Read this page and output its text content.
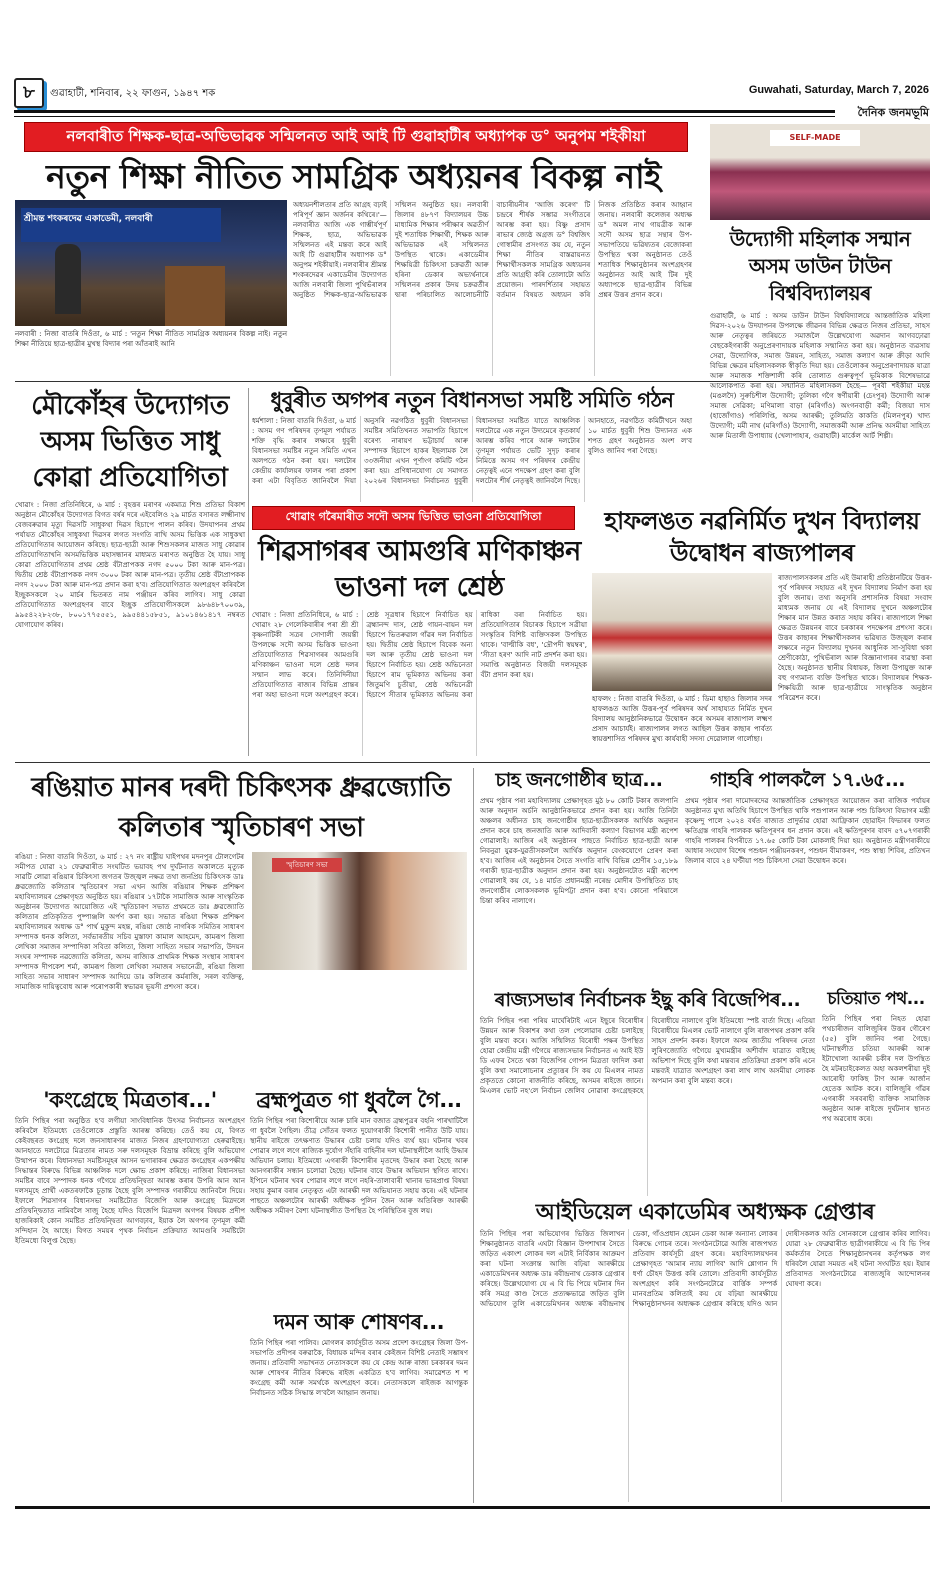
৮	গুৱাহাটী, শনিবাৰ, ২২ ফাগুন, ১৯৪৭ শক	Guwahati, Saturday, March 7, 2026
দৈনিক জনমভূমি
নলবাৰীত শিক্ষক-ছাত্ৰ-অভিভাৱক সন্মিলনত আই আই টি গুৱাহাটীৰ অধ্যাপক ড° অনুপম শইকীয়া
নতুন শিক্ষা নীতিত সামগ্ৰিক অধ্যয়নৰ বিকল্প নাই
শ্ৰীমন্ত শংকৰদেৱ একাডেমী, নলবাৰী
নলবাৰী : নিজা বাতৰি দিওঁতা, ৬ মাৰ্চ : 'নতুন শিক্ষা নীতিত সামগ্ৰিক অধ্যয়নৰ বিকল্প নাই। নতুন শিক্ষা নীতিয়ে ছাত্ৰ-ছাত্ৰীৰ মুখস্থ বিদ্যাৰ পৰা আঁতৰাই আনি
অধ্যয়নশীলতাৰ প্ৰতি আগ্ৰহ বঢ়াই পৰিপূৰ্ণ জ্ঞান অৰ্জনৰ কথিৰে।'— নলবাৰীত আজি এক গাম্ভীৰ্যপূৰ্ণ শিক্ষক, ছাত্ৰ, অভিভাৱক সন্মিলনত এই মন্তব্য কৰে আই আই টি গুৱাহাটীৰ অধ্যাপক ড° অনুপম শইকীয়াই। নলবাৰীৰ শ্ৰীমন্ত শংকৰদেৱৰ একাডেমীৰ উদ্যোগত আজি নলবাৰী জিলা পুথিভঁৰালৰ অনুষ্ঠিত শিক্ষক-ছাত্ৰ-অভিভাৱক সন্মিলন অনুষ্ঠিত হয়। নলবাৰী জিলাৰ ৪৮৭ণ বিদ্যালয়ৰ উচ্চ মাধ্যমিক শিক্ষাৰ পৰীক্ষাৰ অৱতীৰ্ণ দুই শতাধিক শিক্ষাৰ্থী, শিক্ষক আৰু অভিভাৱক এই সন্মিলনত উপস্থিত থাকে। একাডেমীৰ শিক্ষয়িত্ৰী চিকিৎসা চক্ৰৱৰ্তী আৰু হৰিনা ডেকাৰ অভ্যৰ্থনাৰে সন্মিলনৰ প্ৰকাৰ উদয় চক্ৰৱৰ্তীৰ দ্বাৰা পৰিচালিত আলোচনীটি বাচাৰীয়নীৰ 'আজি কৰেগ' টি চন্দ্ৰৰে শীৰ্ষক সম্ভাৱ সংগীতৰে আৰম্ভ কৰা হয়। বিষ্ণু প্ৰসাদ ৰাভাৰ জ্যেষ্ঠ অগ্ৰজ ড° বিশ্বজিৎ গোস্বামীৰ প্ৰসংগত কয় যে, নতুন শিক্ষা নীতিৰ বাস্তৱায়নত শিক্ষাৰ্থীসকলক সামগ্ৰিক অধ্যয়নৰ প্ৰতি আগ্ৰহী কৰি তোলাটো অতি প্ৰয়োজন। পাৰদৰ্শিতাৰ সহায়ত বৰ্তমান বিষয়ত অধ্যয়ন কৰি নিজক প্ৰতিষ্ঠিত কৰাৰ আহ্বান জনায়। নলবাৰী কলেজৰ অধ্যক্ষ ড° অমল নাথ গায়ত্ৰীক আৰু সদৌ অসম ছাত্ৰ সন্থাৰ উপ-সভাপতিয়ে ভৱিষ্যতৰ বেজোকৰা উপস্থিত থকা অনুষ্ঠানত তেওঁ শতাধিক শিক্ষানুষ্ঠানৰ অংশগ্ৰহণৰ অনুষ্ঠানত আই আই টিৰ দুই অধ্যাপকে ছাত্ৰ-ছাত্ৰীৰ বিভিন্ন প্ৰশ্নৰ উত্তৰ প্ৰদান কৰে।
SELF-MADE
উদ্যোগী মহিলাক সন্মান অসম ডাউন টাউন বিশ্ববিদ্যালয়ৰ
গুৱাহাটী, ৬ মাৰ্চ : অসম ডাউন টাউন বিশ্ববিদ্যালয়ে আন্তৰ্জাতিক মহিলা দিৱস-২০২৬ উদযাপনৰ উপলক্ষে জীৱনৰ বিভিন্ন ক্ষেত্ৰত নিজৰ প্ৰতিভা, সাহস আৰু নেতৃত্বৰ জৰিয়তে সমাজলৈ উল্লেখযোগ্য অৱদান আগবঢ়োৱা বেছকেইগৰাকী অনুপ্ৰেৰণাদায়ক মহিলাক সন্মানিত কৰা হয়। অনুষ্ঠানত ব্যৱসায় সেৱা, উদ্যোগিক, সমাজ উন্নয়ন, সাহিত্য, সমাজ কল্যাণ আৰু ক্ৰীড়া আদি বিভিন্ন ক্ষেত্ৰৰ মহিলাসকলক স্বীকৃতি দিয়া হয়। তেওঁলোকৰ অনুপ্ৰেৰণাদায়ক যাত্ৰা আৰু সমাজক শক্তিশালী কৰি তোলাত গুৰুত্বপূৰ্ণ ভূমিকাক বিশেষভাৱে আলোকপাত কৰা হয়। সন্মানিত মহিলাসকল হৈছে— পূৰবী শইকীয়া মহন্ত (মঙলদৈ) সুৰুচিশীল উদ্যোগী; তুলিকা গগৈ স্বৰ্ণীয়াৰী (চেংপুৰ) উদ্যোগী আৰু সমাজ সেৱিকা; মণিমালা বাড়া (মৰিগাঁও) অংগনবাড়ী কৰ্মী; বিজয়া দাস (হাজোঁগাও) পৰিলিপ্তি, অসম আৰক্ষী; তুলিমতি কাকতি (মিলনপুৰ) খাদ্য উদ্যোগী; মৰ্মী নাথ (মৰিগাঁও) উদ্যোগী, সমাজকৰ্মী আৰু প্ৰনিদ্ধ অসমীয়া সাহিত্য আৰু মিতালী উপাধ্যায় (খেলাপাহাৰ, গুৱাহাটী) মাৰ্কেল আৰ্ট শিল্পী।
মৌকোঁহৰ উদ্যোগত অসম ভিত্তিত সাধু কোৱা প্ৰতিযোগিতা
খোৱাং : নিজা প্ৰতিনিধিৰে, ৬ মাৰ্চ : বৃহত্তৰ মৰাণৰ একমাত্ৰ শিশু প্ৰতিভা বিকাশ অনুষ্ঠান মৌকোঁহৰ উদ্যোগত বিগত বৰ্ষৰ দৰে এইবেলিও ২৯ মাৰ্চত বসাৰত লক্ষ্মীনাথ বেজবৰুৱাৰ মৃত্যু দিৱসটি সাধুকথা দিৱস হিচাপে পালন কৰিব। উদযাপনৰ প্ৰথম পৰ্যায়ত মৌকোঁহৰ সাধুকথা দিৱসৰ লগত সংগতি ৰাখি অসম ভিত্তিক এক সাধুকথা প্ৰতিযোগিতাৰ আয়োজন কৰিছে। ছাত্ৰ-ছাত্ৰী আৰু শিশুসকলৰ মাজত সাধু কোৱাৰ প্ৰতিযোগিতাখনি অসমভিত্তিক মহাসন্ধানৰ মাধ্যমত মৰাণত অনুষ্ঠিত হৈ যায়। সাধু কোৱা প্ৰতিযোগিতাৰ প্ৰথম শ্ৰেষ্ঠ বঁটাপ্ৰাপকক নগদ ৫০০০ টকা আৰু মান-পত্ৰ। দ্বিতীয় শ্ৰেষ্ঠ বঁটাপ্ৰাপকক নগদ ৩০০০ টকা আৰু মান-পত্ৰ। তৃতীয় শ্ৰেষ্ঠ বঁটাপ্ৰাপকক নগদ ২০০০ টকা আৰু মান-পত্ৰ প্ৰদান কৰা হ'ব। প্ৰতিযোগিতাত অংশগ্ৰহণ কৰিবলৈ ইচ্ছুকসকলে ২০ মাৰ্চৰ ভিতৰত নাম পঞ্জীয়ন কৰিব লাগিব। সাধু কোৱা প্ৰতিযোগিতাত অংশগ্ৰহণৰ বাবে ইচ্ছুক প্ৰতিযোগীসকলে ৯৮৬৪৮৭০০৩৯, ৯৯৫৪২২৮২৩৮, ৮০০১৭৭৫৫৫১, ৯৯৫৪৪১৫৮৫১, ৯১০১৪৬১৪১৭ নম্বৰত যোগাযোগ কৰিব।
ধুবুৰীত অগপৰ নতুন বিধানসভা সমষ্টি সমিতি গঠন
ধৰ্মশালা : নিজা বাতৰি দিওঁতা, ৬ মাৰ্চ : অসম গণ পৰিষদৰ তৃণমূল পৰ্যায়ত শক্তি বৃদ্ধি কৰাৰ লক্ষ্যৰে ধুবুৰী বিধানসভা সমষ্টিৰ নতুন সমিতি এখন অলপতে গঠন কৰা হয়। দলটোৰ কেন্দ্ৰীয় কাৰ্যালয়ৰ ফালৰ পৰা প্ৰকাশ কৰা এটা বিবৃতিত জানিবলৈ দিয়া অনুসৰি নৱগঠিত ধুবুৰী বিধানসভা সমষ্টিৰ সমিতিখনত সভাপতি হিচাপে বৰেণ্য নাৰায়ণ ভট্টাচাৰ্য আৰু সম্পাদক হিচাপে হাকৰ ইছলামক লৈ ৩৩জনীয়া এখন পূৰ্ণাংগ কমিটি গঠন কৰা হয়। প্ৰণিধানযোগ্য যে সমাগত ২০২৬ৰ বিধানসভা নিৰ্বাচনত ধুবুৰী বিধানসভা সমষ্টিত যাতে আঞ্চলিক দলটোৱে এক নতুন উদ্যমেৰে কৃতকাৰ্য আৰম্ভ কৰিব পাৰে আৰু দলটোৰ তৃণমূল পৰ্যায়ত ভেটি সুদৃঢ় কৰাৰ নিমিত্তে অসম গণ পৰিষদৰ কেন্দ্ৰীয় নেতৃত্বই এনে পদক্ষেপ গ্ৰহণ কৰা বুলি দলটোৰ শীৰ্ষ নেতৃত্বই জানিবলৈ দিছে। আনহাতে, নৱগঠিত কমিটীখনে অহা ১০ মাৰ্চত ধুবুৰী শিশু উদ্যানত এক শপত গ্ৰহণ অনুষ্ঠানত অংশ ল'ব বুলিও জানিব পৰা গৈছে।
খোৱাং গৰৈমাৰীত সদৌ অসম ভিত্তিত ভাওনা প্ৰতিযোগিতা
শিৱসাগৰৰ আমগুৰি মণিকাঞ্চন ভাওনা দল শ্ৰেষ্ঠ
খোৱাং : নিজা প্ৰতিনিধিৰে, ৬ মাৰ্চ : খোৱাং ২৮ গেলেকিবাৰীৰ পৰা শ্ৰী শ্ৰী কৃষ্ণনাটিকী সত্ৰৰ সোণালী জয়ন্তী উপলক্ষে সদৌ অসম ভিত্তিক ভাওনা প্ৰতিযোগিতাত শিৱসাগৰৰ আমগুৰি মণিকাঞ্চন ভাওনা দলে শ্ৰেষ্ঠ দলৰ সন্মান লাভ কৰে। তিনিদিনীয়া প্ৰতিযোগিতাত ৰাজ্যৰ বিভিন্ন প্ৰান্তৰ পৰা অহা ভাওনা দলে অংশগ্ৰহণ কৰে। শ্ৰেষ্ঠ সূত্ৰধাৰ হিচাপে নিৰ্বাচিত হয় ব্ৰহ্মানন্দ দাস, শ্ৰেষ্ঠ গায়ন-বায়ন দল হিচাপে ভিতৰুৱাল গাঁৱৰ দল নিৰ্বাচিত হয়। দ্বিতীয় শ্ৰেষ্ঠ হিচাপে বিবেক অন্য দল আৰু তৃতীয় শ্ৰেষ্ঠ ভাওনা দল হিচাপে নিৰ্বাচিত হয়। শ্ৰেষ্ঠ অভিনেতা হিচাপে ৰাম ভূমিকাত অভিনয় কৰা জিতুমণি চুতীয়া, শ্ৰেষ্ঠ অভিনেত্ৰী হিচাপে সীতাৰ ভূমিকাত অভিনয় কৰা ৰাধিকা বৰা নিৰ্বাচিত হয়। প্ৰতিযোগিতাৰ বিচাৰক হিচাপে সত্ৰীয়া সংস্কৃতিৰ বিশিষ্ট ব্যক্তিসকল উপস্থিত থাকে। 'বাল্মীকি বধ', 'দ্ৰৌপদী স্বয়ম্বৰ', 'সীতা হৰণ' আদি নাট প্ৰদৰ্শন কৰা হয়। সমাপ্তি অনুষ্ঠানত বিজয়ী দলসমূহক বঁটা প্ৰদান কৰা হয়।
হাফলঙত নৱনিৰ্মিত দুখন বিদ্যালয় উদ্বোধন ৰাজ্যপালৰ
হাফলং : নিজা বাতৰি দিওঁতা, ৬ মাৰ্চ : ডিমা হাছাও জিলাৰ সদৰ হাফলঙত আজি উত্তৰ-পূৰ্ব পৰিষদৰ অৰ্থ সাহায্যত নিৰ্মিত দুখন বিদ্যালয় আনুষ্ঠানিকভাৱে উদ্বোধন কৰে অসমৰ ৰাজ্যপাল লক্ষ্মণ প্ৰসাদ আচাৰ্যই। ৰাজ্যপালৰ লগত আছিল উত্তৰ কাছাৰ পাৰ্বত্য স্বায়ত্তশাসিত পৰিষদৰ মুখ্য কাৰ্যবাহী সদস্য দেৱোলাল গাৰ্লোছা।
ৰাজ্যপালসকলৰ প্ৰতি এই উমাৰাহী প্ৰতিষ্ঠানটিয়ে উত্তৰ-পূৰ্ব পৰিষদৰ সহায়ত এই দুখন বিদ্যালয় নিৰ্মাণ কৰা হয় বুলি জনায়। তথ্য অনুসৰি প্ৰশাসনিক বিষয়া সংবাদ মাধ্যমক জনায় যে এই বিদ্যালয় দুখনে অঞ্চলটোৰ শিক্ষাৰ মান উন্নত কৰাত সহায় কৰিব। ৰাজ্যপালে শিক্ষা ক্ষেত্ৰত উন্নয়নৰ বাবে চৰকাৰৰ পদক্ষেপৰ প্ৰশংসা কৰে। উত্তৰ কাছাৰৰ শিক্ষাৰ্থীসকলৰ ভৱিষ্যত উজ্জ্বল কৰাৰ লক্ষ্যৰে নতুন বিদ্যালয় দুখনৰ আধুনিক সা-সুবিধা থকা শ্ৰেণীকোঠা, পুথিভঁৰাল আৰু বিজ্ঞানাগাৰৰ ব্যৱস্থা কৰা হৈছে। অনুষ্ঠানত স্থানীয় বিধায়ক, জিলা উপায়ুক্ত আৰু বহু গণ্যমান্য ব্যক্তি উপস্থিত থাকে। বিদ্যালয়ৰ শিক্ষক-শিক্ষয়িত্ৰী আৰু ছাত্ৰ-ছাত্ৰীয়ে সাংস্কৃতিক অনুষ্ঠান পৰিৱেশন কৰে।
ৰঙিয়াত মানৰ দৰদী চিকিৎসক ধ্ৰুৱজ্যোতি কলিতাৰ স্মৃতিচাৰণ সভা
স্মৃতিচাৰণ সভা
ৰঙিয়া : নিজা বাতৰি দিওঁতা, ৬ মাৰ্চ : ২৭ নং ৰাষ্ট্ৰীয় ঘাইপথৰ মদনপুৰ টোলগেটৰ সমীপত যোৱা ২১ ফেব্ৰুৱাৰীত সংঘটিত ভয়াবহ পথ দুৰ্ঘটনাত অকালতে মৃত্যুক সাৱটি লোৱা ৰঙিয়াৰ চিকিৎসা জগতৰ উজ্জ্বল নক্ষত্ৰ তথা জনপ্ৰিয় চিকিৎসক ডাঃ ধ্ৰুৱজ্যোতি কলিতাৰ স্মৃতিচাৰণ সভা এখন আজি ৰঙিয়াৰ শিক্ষক প্ৰশিক্ষণ মহাবিদ্যালয়ৰ প্ৰেক্ষাগৃহত অনুষ্ঠিত হয়। ৰঙিয়াৰ ১৭টাকৈ সামাজিক আৰু সাংস্কৃতিক অনুষ্ঠানৰ উদ্যোগত আয়োজিত এই স্মৃতিচাৰণ সভাত প্ৰথমতে ডাঃ ধ্ৰুৱজ্যোতি কলিতাৰ প্ৰতিকৃতিত পুষ্পাঞ্জলি অৰ্পণ কৰা হয়। সভাত ৰঙিয়া শিক্ষক প্ৰশিক্ষণ মহাবিদ্যালয়ৰ অধ্যক্ষ ড° পাৰ্থ মুকুন্দ মহন্ত, ৰঙিয়া জ্যেষ্ঠ নাগৰিক সমিতিৰ সাধাৰণ সম্পাদক ধনক কলিতা, সৰ্বভাৰতীয় সচিব মুস্তাফা কামাল আহমেদ, কামৰূপ জিলা লেখিকা সমাজৰ সম্পাদিকা সবিতা কলিতা, জিলা সাহিত্য সভাৰ সভাপতি, উদয়ন সংঘৰ সম্পাদক নৱজ্যোতি কলিতা, অসম ৰাজ্যিক প্ৰাথমিক শিক্ষক সংস্থাৰ সাধাৰণ সম্পাদক দীপকেশ শৰ্মা, কামৰূপ জিলা লেখিকা সমাজৰ সভানেত্ৰী, ৰঙিয়া জিলা সাহিত্য সভাৰ সাধাৰণ সম্পাদক আদিয়ে ডাঃ কলিতাৰ কৰ্মৰাজি, সৰল ব্যক্তিত্ব, সামাজিক দায়িত্ববোধ আৰু পৰোপকাৰী স্বভাৱৰ ভূয়সী প্ৰশংসা কৰে।
চাহ জনগোষ্ঠীৰ ছাত্ৰ...
প্ৰথম পৃষ্ঠাৰ পৰা মহাবিদ্যালয় প্ৰেক্ষাগৃহত মুঠ ৮০ কোটি টকাৰ জলপানি আৰু অনুদান অৰ্চনি আনুষ্ঠানিকভাৱে প্ৰদান কৰা হয়। আজি তিনিটা অঞ্চলৰ অধীনত চাহ জনগোষ্ঠীৰ ছাত্ৰ-ছাত্ৰীসকলক আৰ্থিক অনুদান প্ৰদান কৰে চাহ জনজাতি আৰু আদিবাসী কল্যাণ বিভাগৰ মন্ত্ৰী ৰূপেশ গোৱালাই। আজিৰ এই অনুষ্ঠানৰ পাছতে নিৰ্বাচিত ছাত্ৰ-ছাত্ৰী আৰু নিবনুৱা যুৱক-যুৱতীসকললৈ আৰ্থিক অনুদান বেংকযোগে প্ৰেৰণ কৰা হ'ব। আজিৰ এই অনুষ্ঠানৰ সৈতে সংগতি ৰাখি বিভিন্ন শ্ৰেণীৰ ১৫,১৮৯ গৰাকী ছাত্ৰ-ছাত্ৰীক অনুদান প্ৰদান কৰা হয়। অনুষ্ঠানটোত মন্ত্ৰী ৰূপেশ গোৱালাই কয় যে, ১৪ মাৰ্চত প্ৰধানমন্ত্ৰী নৰেন্দ্ৰ মোদীৰ উপস্থিতিত চাহ জনগোষ্ঠীৰ লোকসকলক ভূমিপট্টা প্ৰদান কৰা হ'ব। কোনো পৰিয়ালে চিন্তা কৰিব নালাগে।
গাহৰি পালকলৈ ১৭.৬৫...
প্ৰথম পৃষ্ঠাৰ পৰা দামোদৰদেৱ আন্তৰ্জাতিক প্ৰেক্ষাগৃহত আয়োজন কৰা ৰাজিক পৰ্যায়ৰ অনুষ্ঠানত মুখ্য অতিথি হিচাপে উপস্থিত থাকি পশুপালন আৰু পশু চিকিৎসা বিভাগৰ মন্ত্ৰী কৃষ্ণেন্দু পালে ২০২৪ বৰ্ষত ৰাজ্যত প্ৰাদুৰ্ভাৱ হোৱা আফ্ৰিকান ছোৱাইন ফিভাৰৰ ফলত ক্ষতিগ্ৰস্ত গাহৰি পালকক ক্ষতিপূৰণৰ ধন প্ৰদান কৰে। এই ক্ষতিপূৰণৰ বাবদ ৫৭০৭গৰাকী গাহৰি পালকৰ বিপৰীতে ১৭.৬৫ কোটি টকা মোকলাই দিয়া হয়। অনুষ্ঠানত মন্ত্ৰীগৰাকীয়ে আধাৰ সংযোগ বিশেষ পশুধন পঞ্জীয়নকৰণ, পশুধন বীমাকৰণ, পশু স্বাস্থ্য শিবিৰ, প্ৰতিখন জিলাৰ বাবে ২৪ ঘণ্টীয়া পশু চিকিৎসা সেৱা উদ্বোধন কৰে।
ৰাজ্যসভাৰ নিৰ্বাচনক ইছু কৰি বিজেপিৰ...
তিনি পিছিৰ পৰা পৰিয় মাৰ্ঘেৰিটাই এনে ইছুৰে বিৰোধীৰ উন্নয়ন আৰু বিকাশৰ কথা তল পেলোৱাৰ চেষ্টা চলাইছে বুলি মন্তব্য কৰে। আজি সন্মিলিত বিৰোধী পক্ষৰ উপস্থিত হোৱা কেন্দ্ৰীয় মন্ত্ৰী গগৈয়ে ৰাজ্যসভাৰ নিৰ্বাচনত এ আই ইউ ডি এফৰ সৈতে থকা বিজেপিৰ গোপন মিত্ৰতা ফাদিল কৰা বুলি কথা সমালোচনাৰ প্ৰত্যুত্তৰ সি কয় যে মিএলৰ নামত প্ৰকৃততে কোনো ৰাজনীতি কৰিছে, অসমৰ ৰাইজে জানে। মিএলৰ ভোট নহ'লে নিৰ্বাচন জেলিব নোৱাৰা কংগ্ৰেছকহে বিৰোধীয়ে নালাগে বুলি ইতিমধ্যে স্পষ্ট বাৰ্তা দিছে। এতিয়া বিৰোধীয়ে মিএলৰ ভোট নালাগে বুলি ৰাজপথৰ প্ৰকাশ কৰি সাহস প্ৰদৰ্শন কৰক। ইফালে অসম জাতীয় পৰিষদৰ নেতা লুৰিণজ্যোতি গগৈয়ে মুখ্যমন্ত্ৰীৰ অশীৰ্বাদ যাত্ৰাত বাইচ্ছে অভিশাপ দিছে বুলি কথা মন্তব্যৰ প্ৰতিক্ৰিয়া প্ৰকাশ কৰি এনে মন্তব্যই যাত্ৰাত অংশগ্ৰহণ কৰা লাখ লাখ অসমীয়া লোকক অপমান কৰা বুলি মন্তব্য কৰে।
চতিয়াত পথ...
তিনি পিছিৰ পৰা নিহত হোৱা পথচাৰীজন বালিজুৰিৰ উত্তৰ গৌৰেণ (৫৫) বুলি জানিব পৰা গৈছে। ঘটনাস্থলীত চতিয়া আৰক্ষী আৰু ইটাখোলা আৰক্ষী চকীৰ দল উপস্থিত হৈ মটৰচাইকেলত অহা অকলশৰীয়া দুই আৰোহী ফাকিছ টাণ আৰু আৰ্জান হেতেক আটক কৰে। বালিজুৰি গাঁৱৰ এগৰাকী সৰবৰাহী ব্যক্তিক সামাজিক অনুষ্ঠান আৰু ৰাইজে দুৰ্ঘটনাৰ স্থানত পথ অৱৰোধ কৰে।
'কংগ্ৰেছে মিত্ৰতাৰ...'
তিনি পিছিৰ পৰা অনুষ্ঠিত হ'ব লগীয়া সাংবিধানিক উৎসৱ নিৰ্বাচনত অংশগ্ৰহণ কৰিবলৈ ইতিমধ্যে তেওঁলোকে প্ৰস্তুতি আৰম্ভ কৰিছে। তেওঁ কয় যে, বিগত কেইবছৰত কংগ্ৰেছ দলে জনসাধাৰণৰ মাজত নিজৰ গ্ৰহণযোগ্যতা হেৰুৱাইছে। আনহাতে দলটোৱে মিত্ৰতাৰ নামত সৰু দলসমূহক বিভ্ৰান্ত কৰিছে বুলি অভিযোগ উত্থাপন কৰে। বিধানসভা সমষ্টিসমূহৰ আসন ভগাৰাকৰ ক্ষেত্ৰত কংগ্ৰেছৰ একপক্ষীয় সিদ্ধান্তৰ বিৰুদ্ধে বিভিন্ন আঞ্চলিক দলে ক্ষোভ প্ৰকাশ কৰিছে। নাজিৰা বিধানসভা সমষ্টিৰ বাবে সম্পাদক ধনক গগৈয়ে প্ৰতিদ্বন্দ্বিতা আৰম্ভ কৰাৰ উপৰি আন আন দলসমূহে প্ৰাৰ্থী একতৰফাকৈ চূড়ান্ত হৈছে বুলি সম্পাদক গৰাকীয়ে জানিবলৈ দিয়ে। ইফালে শিৱসাগৰ বিধানসভা সমষ্টিটোত বিজেপি আৰু কংগ্ৰেছ মিত্ৰদলে প্ৰতিদ্বন্দ্বিতাত নামিবলৈ সাজু হৈছে যদিও বিজেপি মিত্ৰদল অগপৰ বিষয়ক প্ৰদীপ হাজৰিকাই কোন সমষ্টিত প্ৰতিদ্বন্দ্বিতা আগবঢ়াব, ইয়াক লৈ অগপৰ তৃণমূল কৰ্মী সন্দিহান হৈ আছে। বিগত সময়ৰ পৃথক নিৰ্বাচন প্ৰক্ৰিয়াত আমগুৰি সমষ্টিটো ইতিমধ্যে বিলুপ্ত হৈছে।
ব্ৰহ্মপুত্ৰত গা ধুবলৈ গৈ...
তিনি পিছিৰ পৰা কিশোৰীয়ে আৰু চাৰি মান বজাত ব্ৰহ্মপুত্ৰৰ বহনি পাৰখাটিলৈ গা ধুবলৈ গৈছিল। তীব্ৰ সোঁতৰ ফলত দুয়োগৰাকী কিশোৰী পানীত উটি যায়। স্থানীয় ৰাইজে তৎক্ষণাত উদ্ধাৰৰ চেষ্টা চলায় যদিও ব্যৰ্থ হয়। ঘটনাৰ খবৰ পোৱাৰ লগে লগে ৰাজ্যিক দুৰ্যোগ সঁহাৰি বাহিনীৰ দল ঘটনাস্থলীলৈ আহি উদ্ধাৰ অভিযান চলায়। ইতিমধ্যে এগৰাকী কিশোৰীৰ মৃতদেহ উদ্ধাৰ কৰা হৈছে আৰু আনগৰাকীৰ সন্ধান চলোৱা হৈছে। ঘটনাৰ বাবে উদ্ধাৰ অভিযান স্থগিত ৰাখে। ইপিনে ঘটনাৰ খবৰ পোৱাৰ লগে লগে নহৰি-তালাবাৰী থানাৰ ভাৰপ্ৰাপ্ত বিষয়া সহায় কুমাৰ বৰাৰ নেতৃত্বত এটা আৰক্ষী দল অভিযানত সহায় কৰে। এই ঘটনাৰ পাছতে অঞ্চলটোৰ আৰক্ষী অধীক্ষক পুলিন জৈন আৰু অতিৰিক্ত আৰক্ষী অধীক্ষক সমীৰণ বৈশ্য ঘটনাস্থলীত উপস্থিত হৈ পৰিস্থিতিৰ বুজ লয়।
দমন আৰু শোষণৰ...
তিনি পিছিৰ পৰা পালিব। মোগলৰ কাৰ্যসূচীত অসম প্ৰদেশ কংগ্ৰেছৰ জিলা উপ-সভাপতি প্ৰদীপৰ বৰুৱাকৈ, বিধায়ক মন্দিৰ বৰাৰ কেইজন বিশিষ্ট নেতাই সম্ভাষণ জনায়। প্ৰতিবাদী সভাখনত নেতাসকলে কয় যে কেন্দ্ৰ আৰু ৰাজ্য চৰকাৰৰ দমন আৰু শোষণৰ নীতিৰ বিৰুদ্ধে ৰাইজ একত্ৰিত হ'ব লাগিব। সমাৱেশত শ শ কংগ্ৰেছ কৰ্মী আৰু সমৰ্থকে অংশগ্ৰহণ কৰে। নেতাসকলে ৰাইজক আগন্তুক নিৰ্বাচনত সঠিক সিদ্ধান্ত ল'বলৈ আহ্বান জনায়।
আইডিয়েল একাডেমিৰ অধ্যক্ষক গ্ৰেপ্তাৰ
তিনি পিছিৰ পৰা অভিযোগৰ ভিত্তিত জিলাখন শিক্ষানুষ্ঠানত বাতৰি এঘটা বিজ্ঞান উপশাখাৰ সৈতে জড়িত একাংশ লোকৰ দল এটাই নিৰ্বিকাৰ আক্ৰমণ কৰা ঘটনা সংক্ৰান্ত আজি বঢ়িয়া আৰক্ষীয়ে একাডেমিখনৰ অধ্যক্ষ ডাঃ ৰবীন্দ্ৰনাথ ডেকাক গ্ৰেপ্তাৰ কৰিছে। উল্লেখযোগ্য যে এ বি ভি পিয়ে ঘটনাৰ দিন কৰি সমগ্ৰ কাণ্ড সৈতে প্ৰত্যক্ষভাৱে জড়িত বুলি অভিযোগ তুলি একাডেমিখনৰ অধ্যক্ষ ৰবীন্দ্ৰনাথ ডেকা, গাঁওপ্ৰধান হেমেন ডেকা আৰু অন্যান্য লোকৰ বিৰুদ্ধে গোচৰ তৰে। সংগঠনটোৱে আজি ৰাজপথত প্ৰতিবাদ কাৰ্যসূচী গ্ৰহণ কৰে। মহাবিদ্যালয়খনৰ প্ৰেক্ষাগৃহত 'আমাৰ ন্যায় লাগিব' আদি শ্লোগান দি ধৰ্ণা চৌহদ উত্তপ্ত কৰি তোলে। প্ৰতিবাদী কাৰ্যসূচীত অংশগ্ৰহণ কৰি সংগঠনটোৱে বাৰ্ত্তিক সম্পৰ্ক মানবপ্ৰতিম কলিতাই কয় যে বঢ়িয়া আৰক্ষীয়ে শিক্ষানুষ্ঠানখনৰ অধ্যক্ষক গ্ৰেপ্তাৰ কৰিছে যদিও আন দোষীসকলক অতি সোনকালে গ্ৰেপ্তাৰ কৰিব লাগিব। যোৱা ২৮ ফেব্ৰুৱাৰীত ছাত্ৰীগৰাকীয়ে এ বি ভি পিৰ কৰ্মকৰ্তাৰ সৈতে শিক্ষানুষ্ঠানখনৰ কৰ্তৃপক্ষক লগ ধৰিবলৈ যোৱা সময়ত এই ঘটনা সংঘটিত হয়। ইয়াৰ প্ৰতিবাদত সংগঠনটোৱে ৰাজ্যজুৰি আন্দোলনৰ ঘোষণা কৰে।
